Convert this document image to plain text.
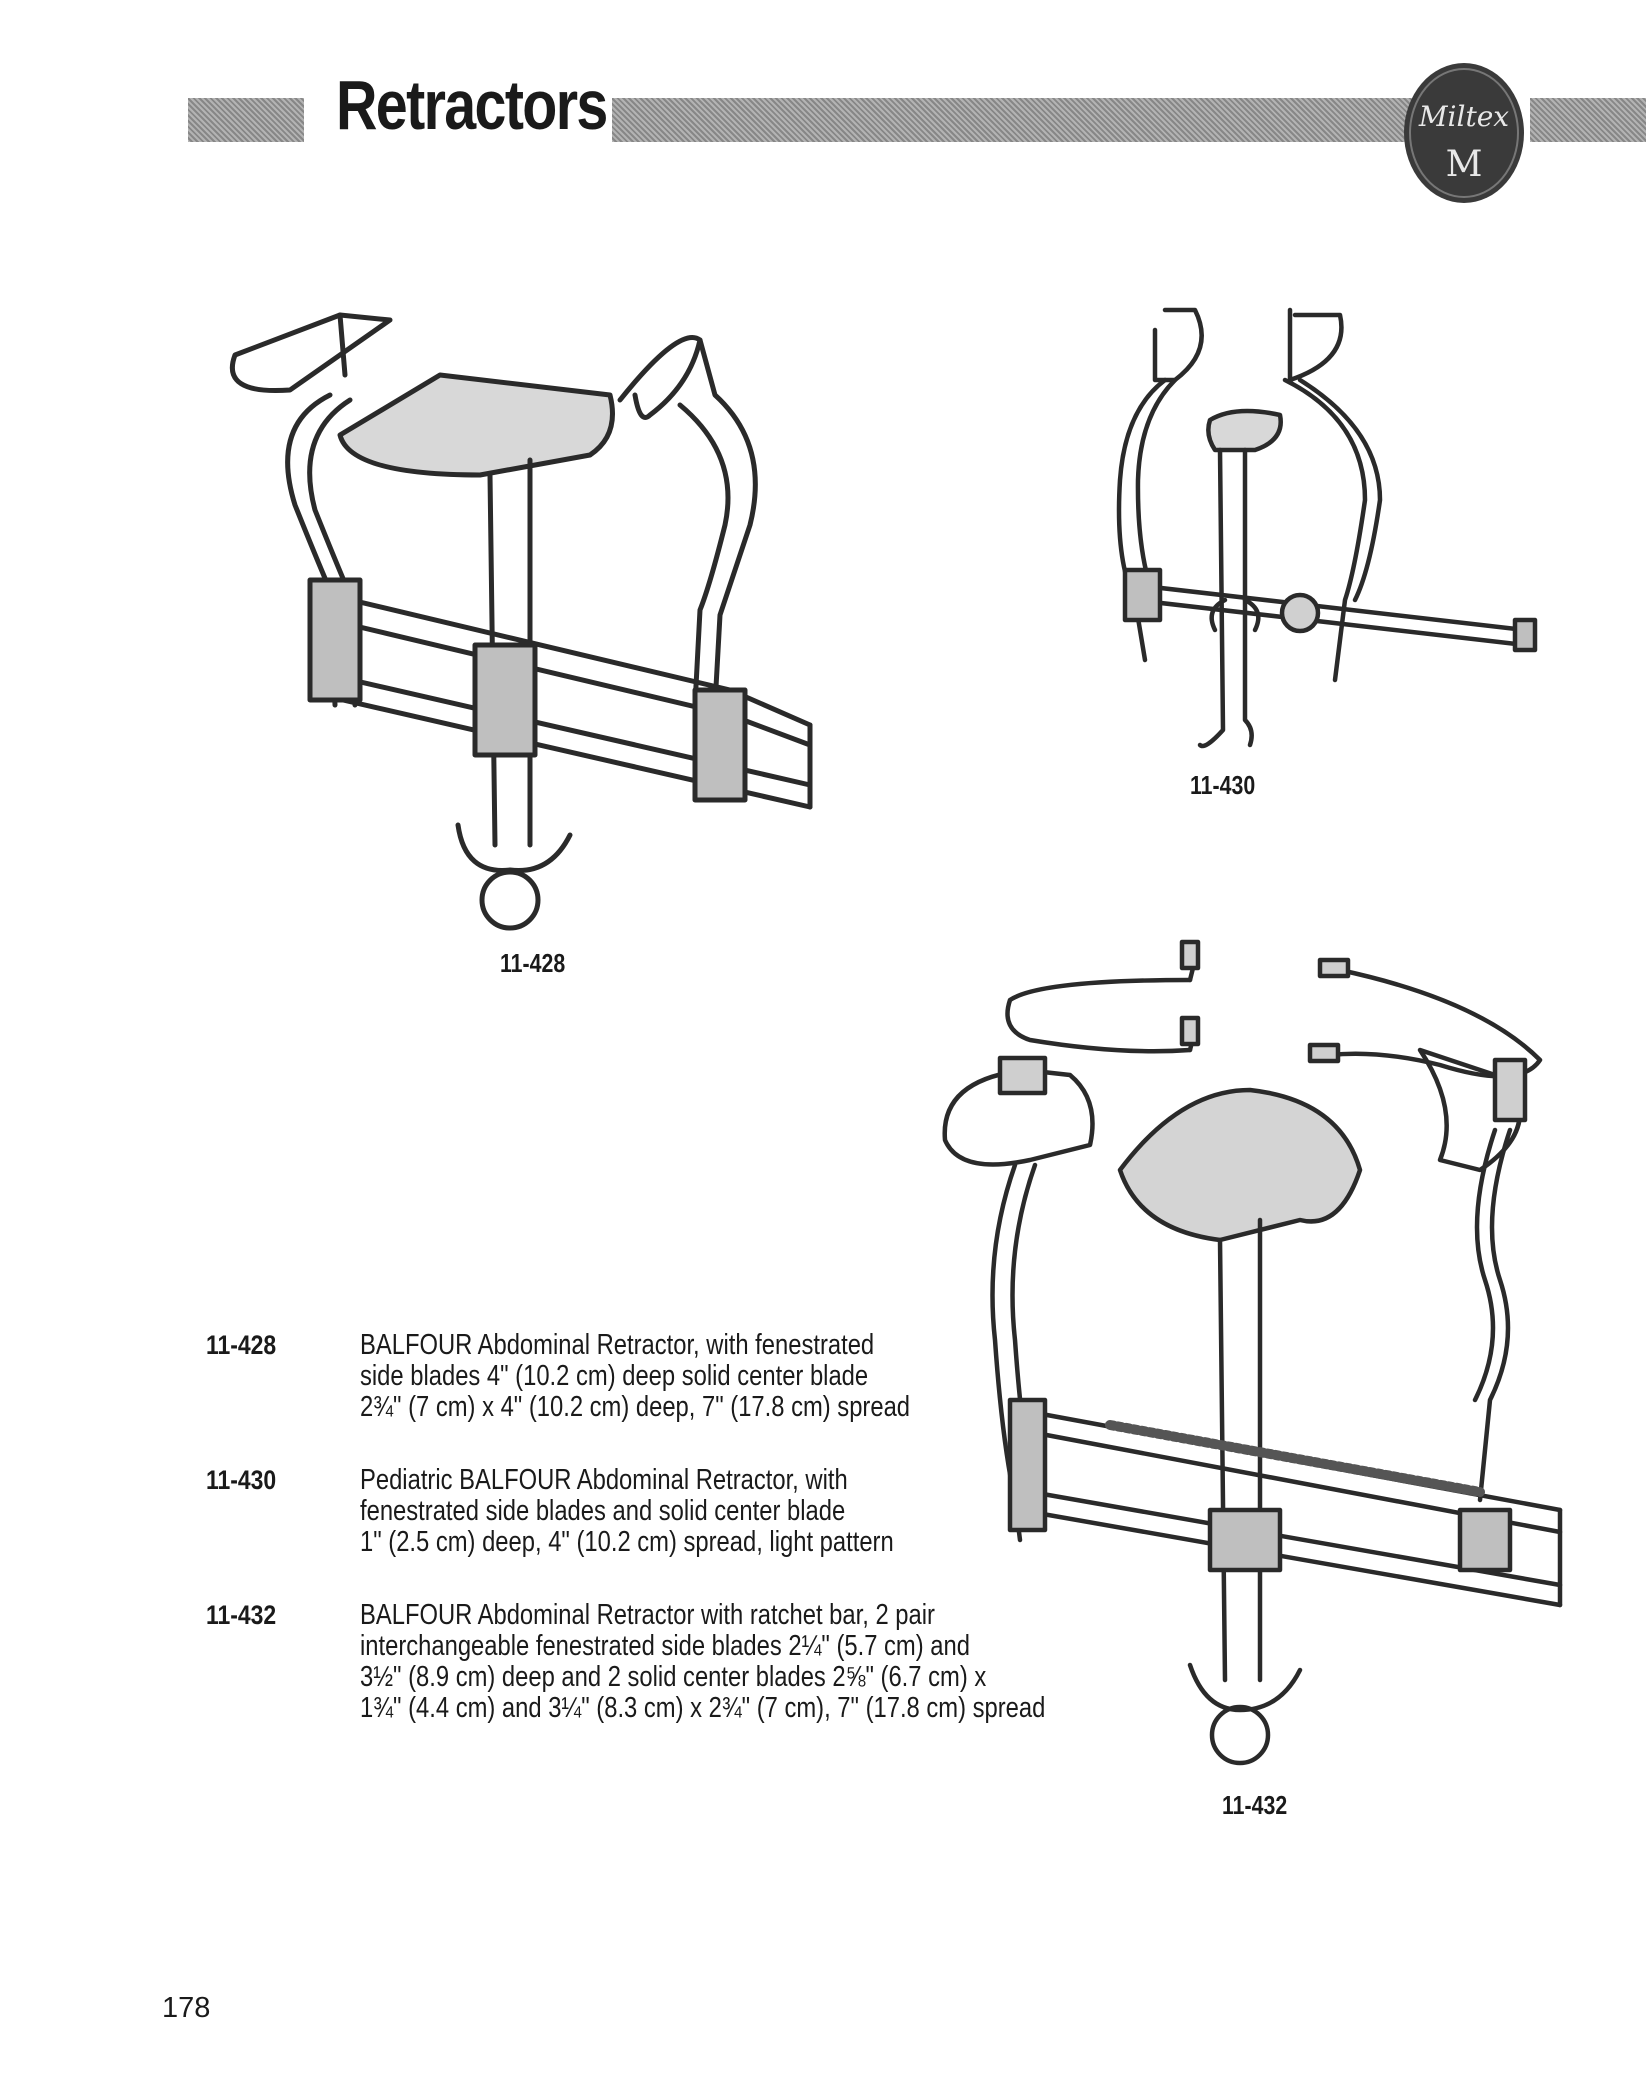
Retractors	Miltex
M
11-428
11-430
11-432
11-428	BALFOUR Abdominal Retractor, with fenestrated
side blades 4" (10.2 cm) deep solid center blade
2¾" (7 cm) x 4" (10.2 cm) deep, 7" (17.8 cm) spread
11-430	Pediatric BALFOUR Abdominal Retractor, with
fenestrated side blades and solid center blade
1" (2.5 cm) deep, 4" (10.2 cm) spread, light pattern
11-432	BALFOUR Abdominal Retractor with ratchet bar, 2 pair
interchangeable fenestrated side blades 2¼" (5.7 cm) and
3½" (8.9 cm) deep and 2 solid center blades 2⅝" (6.7 cm) x
1¾" (4.4 cm) and 3¼" (8.3 cm) x 2¾" (7 cm), 7" (17.8 cm) spread
178
